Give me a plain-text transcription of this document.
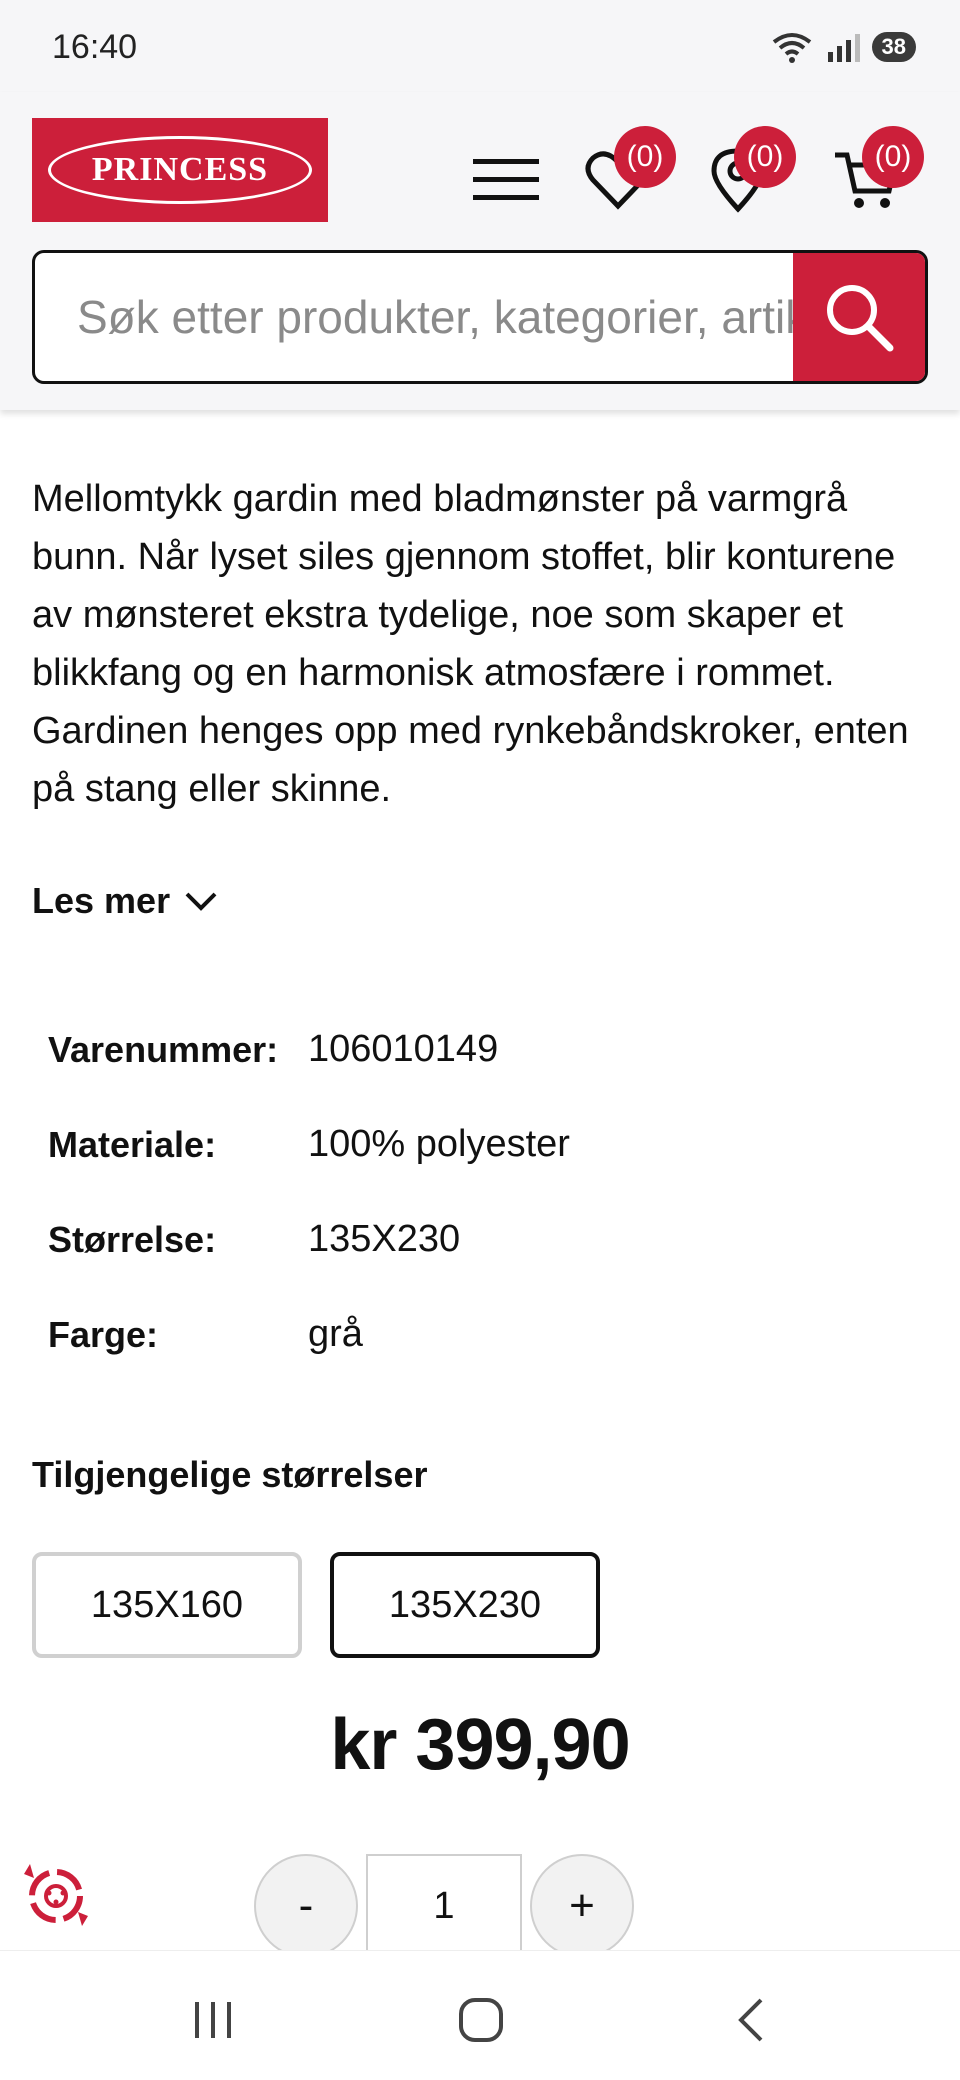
16:40	38
PRINCESS	(0)	(0)	(0)
Søk etter produkter, kategorier, artikler

Mellomtykk gardin med bladmønster på varmgrå bunn. Når lyset siles gjennom stoffet, blir konturene av mønsteret ekstra tydelige, noe som skaper et blikkfang og en harmonisk atmosfære i rommet. Gardinen henges opp med rynkebåndskroker, enten på stang eller skinne.

Les mer
Varenummer: 106010149
Materiale:	100% polyester
Størrelse:	135X230
Farge:	grå
Tilgjengelige størrelser
135X160	135X230
kr 399,90
-	1	+
